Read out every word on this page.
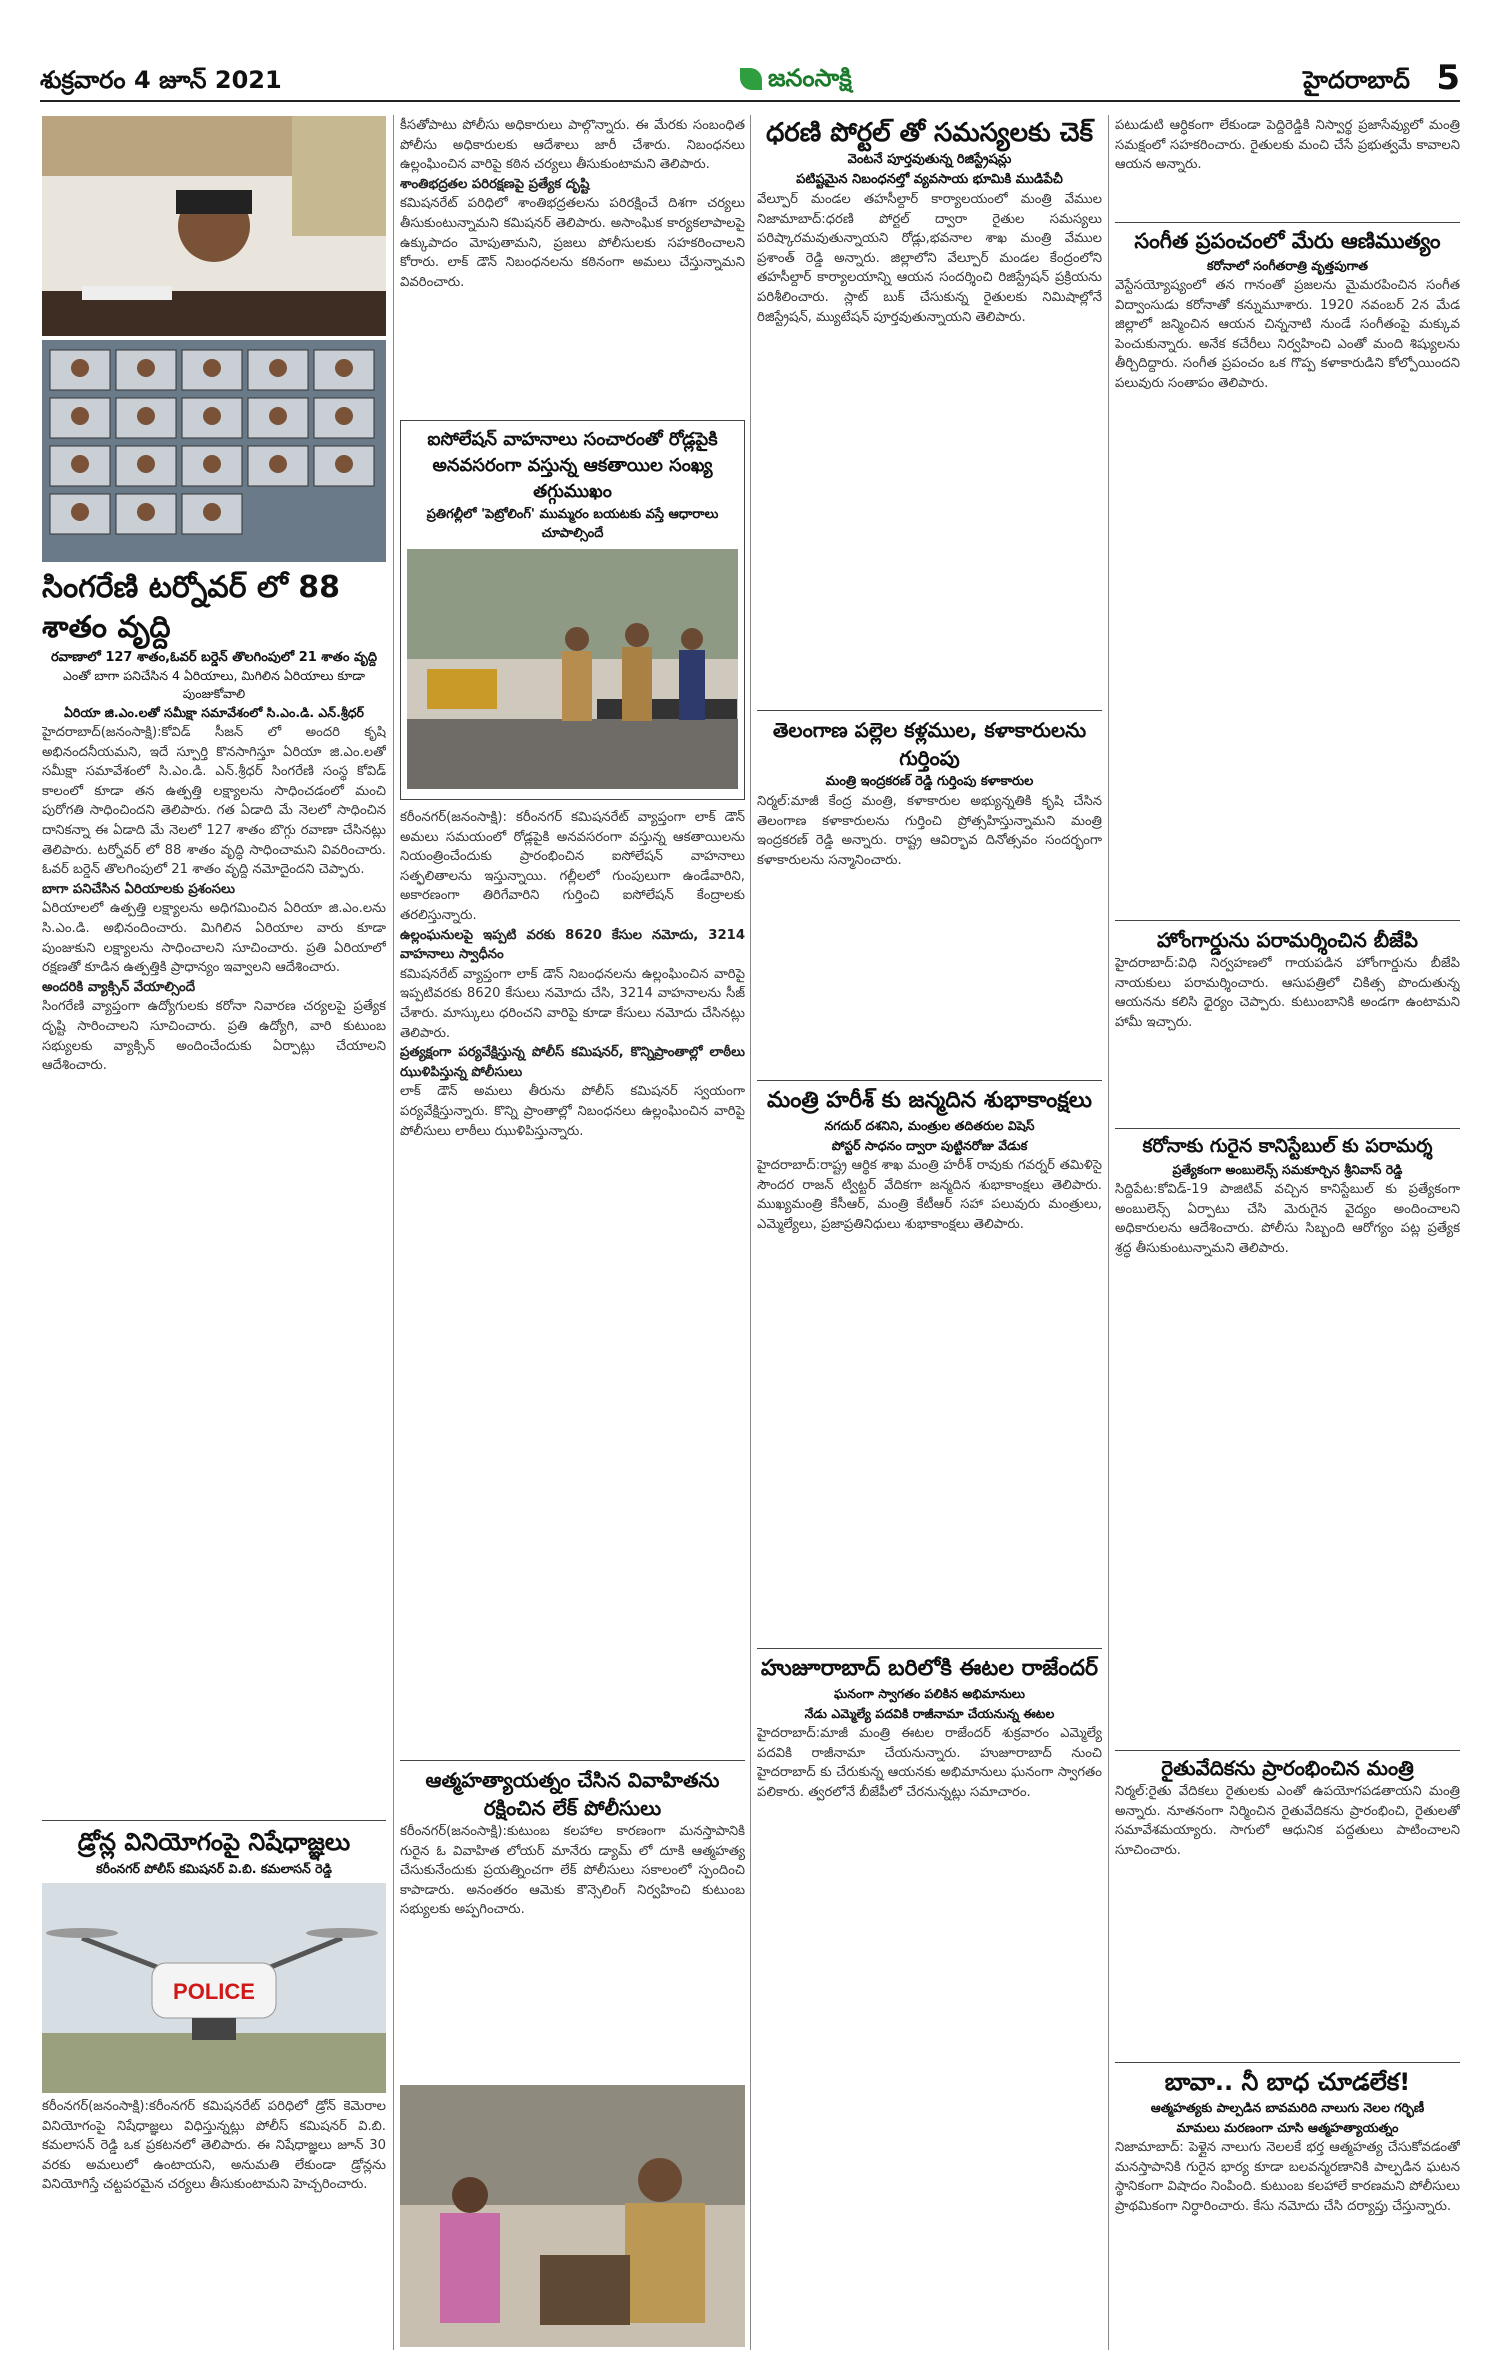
శుక్రవారం 4 జూన్ 2021	జనంసాక్షి	హైదరాబాద్ 5
సింగరేణి టర్నోవర్ లో 88 శాతం వృద్ది
రవాణాలో 127 శాతం,ఓవర్ బర్డెన్ తొలగింపులో 21 శాతం వృద్ది
ఎంతో బాగా పనిచేసిన 4 ఏరియాలు, మిగిలిన ఏరియాలు కూడా పుంజుకోవాలి
ఏరియా జి.ఎం.లతో సమీక్షా సమావేశంలో సి.ఎం.డి. ఎన్.శ్రీధర్
హైదరాబాద్(జనంసాక్షి):కోవిడ్ సీజన్ లో అందరి కృషి అభినందనీయమని, ఇదే స్పూర్తి కొనసాగిస్తూ ఏరియా జి.ఎం.లతో సమీక్షా సమావేశంలో సి.ఎం.డి. ఎన్.శ్రీధర్ సింగరేణి సంస్థ కోవిడ్ కాలంలో కూడా తన ఉత్పత్తి లక్ష్యాలను సాధించడంలో మంచి పురోగతి సాధించిందని తెలిపారు. గత ఏడాది మే నెలలో సాధించిన దానికన్నా ఈ ఏడాది మే నెలలో 127 శాతం బొగ్గు రవాణా చేసినట్లు తెలిపారు. టర్నోవర్ లో 88 శాతం వృద్ధి సాధించామని వివరించారు. ఓవర్ బర్డెన్ తొలగింపులో 21 శాతం వృద్ది నమోదైందని చెప్పారు.
బాగా పనిచేసిన ఏరియాలకు ప్రశంసలు
ఏరియాలలో ఉత్పత్తి లక్ష్యాలను అధిగమించిన ఏరియా జి.ఎం.లను సి.ఎం.డి. అభినందించారు. మిగిలిన ఏరియాల వారు కూడా పుంజుకుని లక్ష్యాలను సాధించాలని సూచించారు. ప్రతి ఏరియాలో రక్షణతో కూడిన ఉత్పత్తికి ప్రాధాన్యం ఇవ్వాలని ఆదేశించారు.
అందరికి వ్యాక్సిన్ వేయాల్సిందే
సింగరేణి వ్యాప్తంగా ఉద్యోగులకు కరోనా నివారణ చర్యలపై ప్రత్యేక దృష్టి సారించాలని సూచించారు. ప్రతి ఉద్యోగి, వారి కుటుంబ సభ్యులకు వ్యాక్సిన్ అందించేందుకు ఏర్పాట్లు చేయాలని ఆదేశించారు.
డ్రోన్ల వినియోగంపై నిషేధాజ్ఞలు
కరీంనగర్ పోలీస్ కమిషనర్ వి.బి. కమలాసన్ రెడ్డి
POLICE
కరీంనగర్(జనంసాక్షి):కరీంనగర్ కమిషనరేట్ పరిధిలో డ్రోన్ కెమెరాల వినియోగంపై నిషేధాజ్ఞలు విధిస్తున్నట్లు పోలీస్ కమిషనర్ వి.బి. కమలాసన్ రెడ్డి ఒక ప్రకటనలో తెలిపారు. ఈ నిషేధాజ్ఞలు జూన్ 30 వరకు అమలులో ఉంటాయని, అనుమతి లేకుండా డ్రోన్లను వినియోగిస్తే చట్టపరమైన చర్యలు తీసుకుంటామని హెచ్చరించారు.
కీసతోపాటు పోలీసు అధికారులు పాల్గొన్నారు. ఈ మేరకు సంబంధిత పోలీసు అధికారులకు ఆదేశాలు జారీ చేశారు. నిబంధనలు ఉల్లంఘించిన వారిపై కఠిన చర్యలు తీసుకుంటామని తెలిపారు.
శాంతిభద్రతల పరిరక్షణపై ప్రత్యేక దృష్టి
కమిషనరేట్ పరిధిలో శాంతిభద్రతలను పరిరక్షించే దిశగా చర్యలు తీసుకుంటున్నామని కమిషనర్ తెలిపారు. అసాంఘిక కార్యకలాపాలపై ఉక్కుపాదం మోపుతామని, ప్రజలు పోలీసులకు సహకరించాలని కోరారు. లాక్ డౌన్ నిబంధనలను కఠినంగా అమలు చేస్తున్నామని వివరించారు.
ఐసోలేషన్ వాహనాలు సంచారంతో రోడ్లపైకి అనవసరంగా వస్తున్న ఆకతాయిల సంఖ్య తగ్గుముఖం
ప్రతిగల్లీలో 'పెట్రోలింగ్' ముమ్మరం బయటకు వస్తే ఆధారాలు చూపాల్సిందే
కరీంనగర్(జనంసాక్షి): కరీంనగర్ కమిషనరేట్ వ్యాప్తంగా లాక్ డౌన్ అమలు సమయంలో రోడ్లపైకి అనవసరంగా వస్తున్న ఆకతాయిలను నియంత్రించేందుకు ప్రారంభించిన ఐసోలేషన్ వాహనాలు సత్ఫలితాలను ఇస్తున్నాయి. గల్లీలలో గుంపులుగా ఉండేవారిని, అకారణంగా తిరిగేవారిని గుర్తించి ఐసోలేషన్ కేంద్రాలకు తరలిస్తున్నారు.
ఉల్లంఘనులపై ఇప్పటి వరకు 8620 కేసుల నమోదు, 3214 వాహనాలు స్వాధీనం
కమిషనరేట్ వ్యాప్తంగా లాక్ డౌన్ నిబంధనలను ఉల్లంఘించిన వారిపై ఇప్పటివరకు 8620 కేసులు నమోదు చేసి, 3214 వాహనాలను సీజ్ చేశారు. మాస్కులు ధరించని వారిపై కూడా కేసులు నమోదు చేసినట్లు తెలిపారు.
ప్రత్యక్షంగా పర్యవేక్షిస్తున్న పోలీస్ కమిషనర్, కొన్నిప్రాంతాల్లో లాఠీలు ఝుళిపిస్తున్న పోలీసులు
లాక్ డౌన్ అమలు తీరును పోలీస్ కమిషనర్ స్వయంగా పర్యవేక్షిస్తున్నారు. కొన్ని ప్రాంతాల్లో నిబంధనలు ఉల్లంఘించిన వారిపై పోలీసులు లాఠీలు ఝుళిపిస్తున్నారు.
ఆత్మహత్యాయత్నం చేసిన వివాహితను రక్షించిన లేక్ పోలీసులు
కరీంనగర్(జనంసాక్షి):కుటుంబ కలహాల కారణంగా మనస్తాపానికి గురైన ఓ వివాహిత లోయర్ మానేరు డ్యామ్ లో దూకి ఆత్మహత్య చేసుకునేందుకు ప్రయత్నించగా లేక్ పోలీసులు సకాలంలో స్పందించి కాపాడారు. అనంతరం ఆమెకు కౌన్సెలింగ్ నిర్వహించి కుటుంబ సభ్యులకు అప్పగించారు.
ధరణి పోర్టల్ తో సమస్యలకు చెక్
వెంటనే పూర్తవుతున్న రిజిస్ట్రేషన్లు
పటిష్టమైన నిబంధనల్తో వ్యవసాయ భూమికి ముడిపేచీ
వేల్పూర్ మండల తహసీల్దార్ కార్యాలయంలో మంత్రి వేముల నిజామాబాద్:ధరణి పోర్టల్ ద్వారా రైతుల సమస్యలు పరిష్కారమవుతున్నాయని రోడ్లు,భవనాల శాఖ మంత్రి వేముల ప్రశాంత్ రెడ్డి అన్నారు. జిల్లాలోని వేల్పూర్ మండల కేంద్రంలోని తహసీల్దార్ కార్యాలయాన్ని ఆయన సందర్శించి రిజిస్ట్రేషన్ ప్రక్రియను పరిశీలించారు. స్లాట్ బుక్ చేసుకున్న రైతులకు నిమిషాల్లోనే రిజిస్ట్రేషన్, మ్యుటేషన్ పూర్తవుతున్నాయని తెలిపారు.
తెలంగాణ పల్లెల కళ్లముల, కళాకారులను గుర్తింపు
మంత్రి ఇంద్రకరణ్ రెడ్డి గుర్తింపు కళాకారుల
నిర్మల్:మాజీ కేంద్ర మంత్రి, కళాకారుల అభ్యున్నతికి కృషి చేసిన తెలంగాణ కళాకారులను గుర్తించి ప్రోత్సహిస్తున్నామని మంత్రి ఇంద్రకరణ్ రెడ్డి అన్నారు. రాష్ట్ర ఆవిర్భావ దినోత్సవం సందర్భంగా కళాకారులను సన్మానించారు.
మంత్రి హరీశ్ కు జన్మదిన శుభాకాంక్షలు
నగదుర్ దశనిని, మంత్రుల తదితరుల విషెస్
పోస్టర్ సాధనం ద్వారా పుట్టినరోజు వేడుక
హైదరాబాద్:రాష్ట్ర ఆర్థిక శాఖ మంత్రి హరీశ్ రావుకు గవర్నర్ తమిళిసై సౌందర రాజన్ ట్విట్టర్ వేదికగా జన్మదిన శుభాకాంక్షలు తెలిపారు. ముఖ్యమంత్రి కేసీఆర్, మంత్రి కేటీఆర్ సహా పలువురు మంత్రులు, ఎమ్మెల్యేలు, ప్రజాప్రతినిధులు శుభాకాంక్షలు తెలిపారు.
హుజూరాబాద్ బరిలోకి ఈటల రాజేందర్
ఘనంగా స్వాగతం పలికిన అభిమానులు
నేడు ఎమ్మెల్యే పదవికి రాజీనామా చేయనున్న ఈటల
హైదరాబాద్:మాజీ మంత్రి ఈటల రాజేందర్ శుక్రవారం ఎమ్మెల్యే పదవికి రాజీనామా చేయనున్నారు. హుజూరాబాద్ నుంచి హైదరాబాద్ కు చేరుకున్న ఆయనకు అభిమానులు ఘనంగా స్వాగతం పలికారు. త్వరలోనే బీజేపీలో చేరనున్నట్లు సమాచారం.
పటుడుటి ఆర్ధికంగా లేకుండా పెద్దిరెడ్డికి నిస్వార్థ ప్రజాసేవ్యులో మంత్రి సమక్షంలో సహకరించారు. రైతులకు మంచి చేసే ప్రభుత్వమే కావాలని ఆయన అన్నారు.
సంగీత ప్రపంచంలో మేరు ఆణిముత్యం
కరోనాలో సంగీతరాత్రి వృత్తపుగాత
వెస్టేసయ్యోష్యంలో తన గానంతో ప్రజలను మైమరపించిన సంగీత విద్వాంసుడు కరోనాతో కన్నుమూశారు. 1920 నవంబర్ 2న మేడ జిల్లాలో జన్మించిన ఆయన చిన్ననాటి నుండే సంగీతంపై మక్కువ పెంచుకున్నారు. అనేక కచేరీలు నిర్వహించి ఎంతో మంది శిష్యులను తీర్చిదిద్దారు. సంగీత ప్రపంచం ఒక గొప్ప కళాకారుడిని కోల్పోయిందని పలువురు సంతాపం తెలిపారు.
హోంగార్డును పరామర్శించిన బీజేపి
హైదరాబాద్:విధి నిర్వహణలో గాయపడిన హోంగార్డును బీజేపి నాయకులు పరామర్శించారు. ఆసుపత్రిలో చికిత్స పొందుతున్న ఆయనను కలిసి ధైర్యం చెప్పారు. కుటుంబానికి అండగా ఉంటామని హామీ ఇచ్చారు.
కరోనాకు గురైన కానిస్టేబుల్ కు పరామర్శ
ప్రత్యేకంగా అంబులెన్స్ సమకూర్చిన శ్రీనివాస్ రెడ్డి
సిద్దిపేట:కోవిడ్-19 పాజిటివ్ వచ్చిన కానిస్టేబుల్ కు ప్రత్యేకంగా అంబులెన్స్ ఏర్పాటు చేసి మెరుగైన వైద్యం అందించాలని అధికారులను ఆదేశించారు. పోలీసు సిబ్బంది ఆరోగ్యం పట్ల ప్రత్యేక శ్రద్ధ తీసుకుంటున్నామని తెలిపారు.
రైతువేదికను ప్రారంభించిన మంత్రి
నిర్మల్:రైతు వేదికలు రైతులకు ఎంతో ఉపయోగపడతాయని మంత్రి అన్నారు. నూతనంగా నిర్మించిన రైతువేదికను ప్రారంభించి, రైతులతో సమావేశమయ్యారు. సాగులో ఆధునిక పద్దతులు పాటించాలని సూచించారు.
బావా.. నీ బాధ చూడలేక!
ఆత్మహత్యకు పాల్పడిన బావమరిది నాలుగు నెలల గర్భిణీ
మామలు మరణంగా చూసి ఆత్మహత్యాయత్నం
నిజామాబాద్: పెళ్లైన నాలుగు నెలలకే భర్త ఆత్మహత్య చేసుకోవడంతో మనస్తాపానికి గురైన భార్య కూడా బలవన్మరణానికి పాల్పడిన ఘటన స్థానికంగా విషాదం నింపింది. కుటుంబ కలహాలే కారణమని పోలీసులు ప్రాథమికంగా నిర్ధారించారు. కేసు నమోదు చేసి దర్యాప్తు చేస్తున్నారు.
